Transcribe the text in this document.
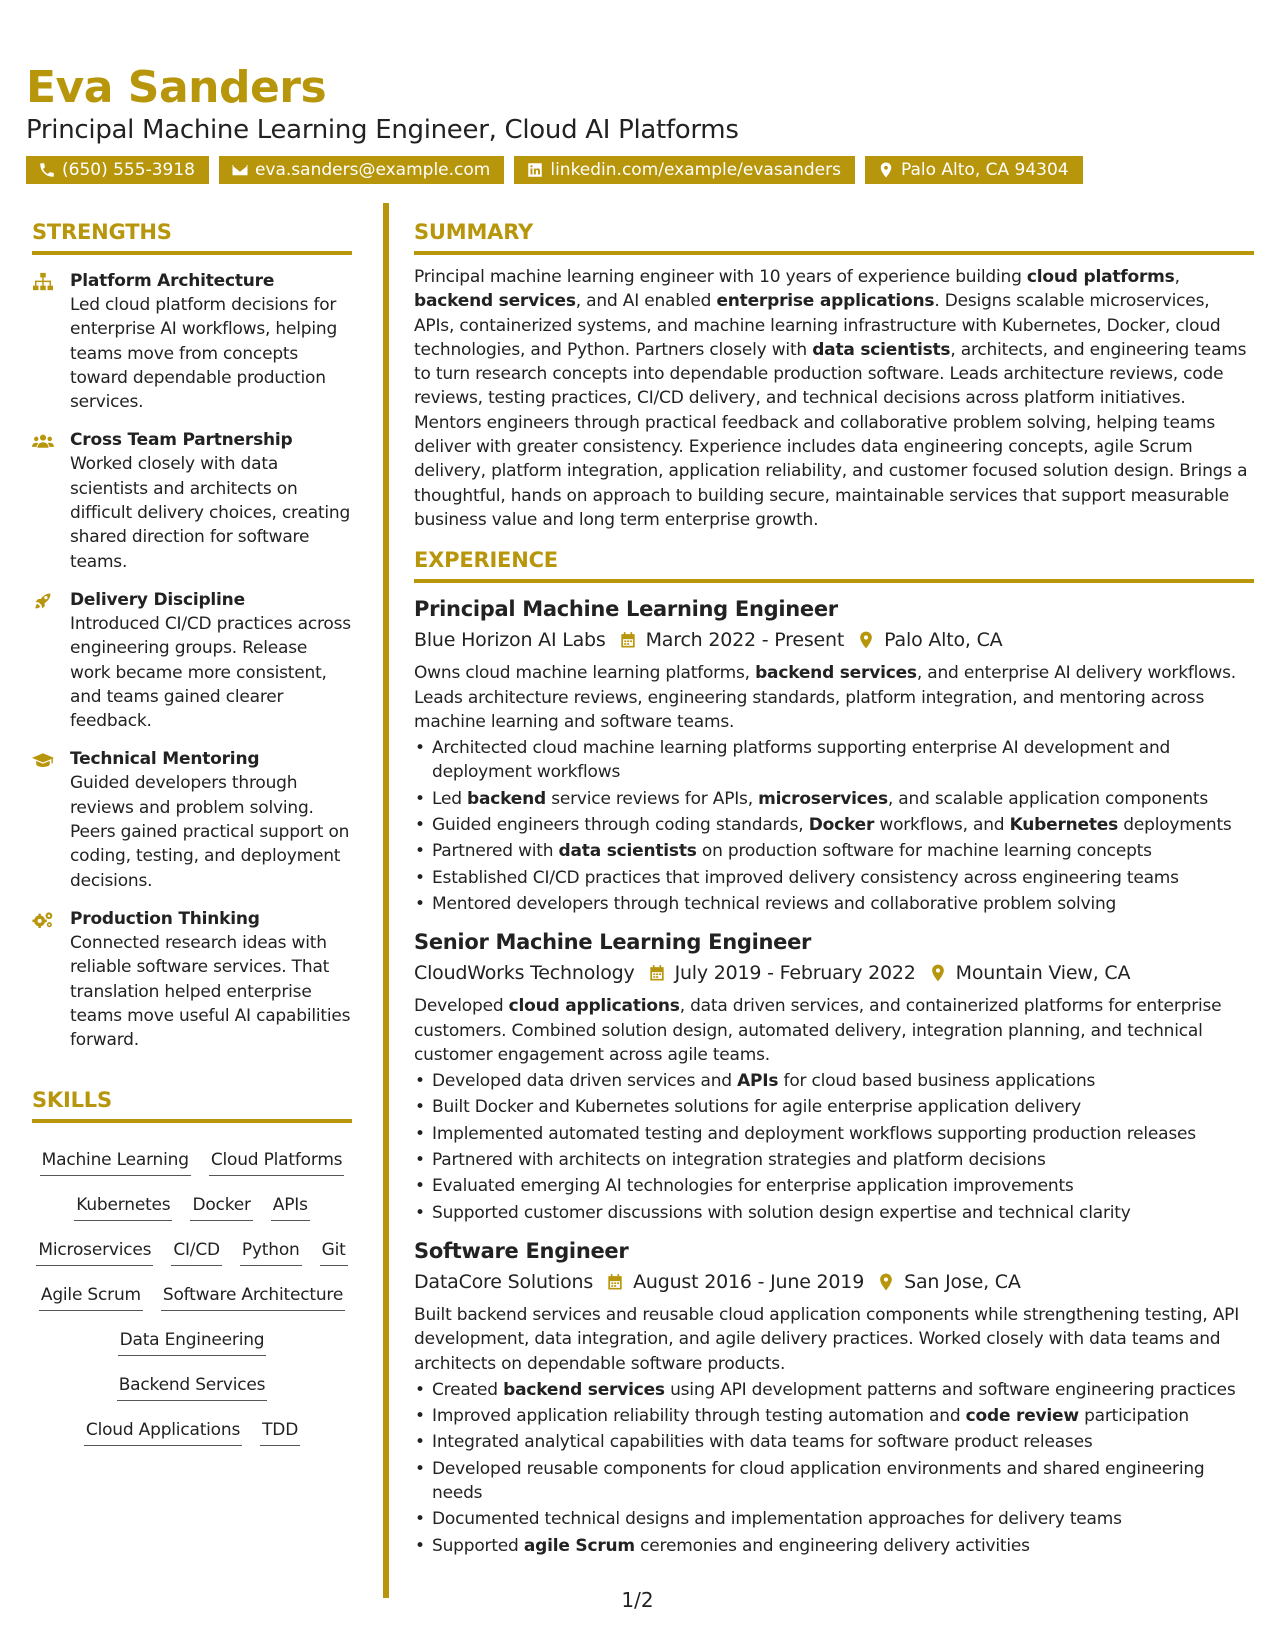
Eva Sanders
Principal Machine Learning Engineer, Cloud AI Platforms
(650) 555-3918	eva.sanders@example.com	linkedin.com/example/evasanders	Palo Alto, CA 94304
STRENGTHS
Platform Architecture
Led cloud platform decisions for enterprise AI workflows, helping teams move from concepts toward dependable production services.
Cross Team Partnership
Worked closely with data scientists and architects on difficult delivery choices, creating shared direction for software teams.
Delivery Discipline
Introduced CI/CD practices across engineering groups. Release work became more consistent, and teams gained clearer feedback.
Technical Mentoring
Guided developers through reviews and problem solving. Peers gained practical support on coding, testing, and deployment decisions.
Production Thinking
Connected research ideas with reliable software services. That translation helped enterprise teams move useful AI capabilities forward.
SKILLS
Machine Learning Cloud Platforms
Kubernetes Docker APIs
Microservices CI/CD Python Git
Agile Scrum Software Architecture
Data Engineering
Backend Services
Cloud Applications TDD
SUMMARY
Principal machine learning engineer with 10 years of experience building cloud platforms, backend services, and AI enabled enterprise applications. Designs scalable microservices, APIs, containerized systems, and machine learning infrastructure with Kubernetes, Docker, cloud technologies, and Python. Partners closely with data scientists, architects, and engineering teams to turn research concepts into dependable production software. Leads architecture reviews, code reviews, testing practices, CI/CD delivery, and technical decisions across platform initiatives. Mentors engineers through practical feedback and collaborative problem solving, helping teams deliver with greater consistency. Experience includes data engineering concepts, agile Scrum delivery, platform integration, application reliability, and customer focused solution design. Brings a thoughtful, hands on approach to building secure, maintainable services that support measurable business value and long term enterprise growth.
EXPERIENCE
Principal Machine Learning Engineer
Blue Horizon AI Labs March 2022 - Present Palo Alto, CA
Owns cloud machine learning platforms, backend services, and enterprise AI delivery workflows. Leads architecture reviews, engineering standards, platform integration, and mentoring across machine learning and software teams.
• Architected cloud machine learning platforms supporting enterprise AI development and deployment workflows
• Led backend service reviews for APIs, microservices, and scalable application components
• Guided engineers through coding standards, Docker workflows, and Kubernetes deployments
• Partnered with data scientists on production software for machine learning concepts
• Established CI/CD practices that improved delivery consistency across engineering teams
• Mentored developers through technical reviews and collaborative problem solving
Senior Machine Learning Engineer
CloudWorks Technology July 2019 - February 2022 Mountain View, CA
Developed cloud applications, data driven services, and containerized platforms for enterprise customers. Combined solution design, automated delivery, integration planning, and technical customer engagement across agile teams.
• Developed data driven services and APIs for cloud based business applications
• Built Docker and Kubernetes solutions for agile enterprise application delivery
• Implemented automated testing and deployment workflows supporting production releases
• Partnered with architects on integration strategies and platform decisions
• Evaluated emerging AI technologies for enterprise application improvements
• Supported customer discussions with solution design expertise and technical clarity
Software Engineer
DataCore Solutions August 2016 - June 2019 San Jose, CA
Built backend services and reusable cloud application components while strengthening testing, API development, data integration, and agile delivery practices. Worked closely with data teams and architects on dependable software products.
• Created backend services using API development patterns and software engineering practices
• Improved application reliability through testing automation and code review participation
• Integrated analytical capabilities with data teams for software product releases
• Developed reusable components for cloud application environments and shared engineering needs
• Documented technical designs and implementation approaches for delivery teams
• Supported agile Scrum ceremonies and engineering delivery activities
1/2
